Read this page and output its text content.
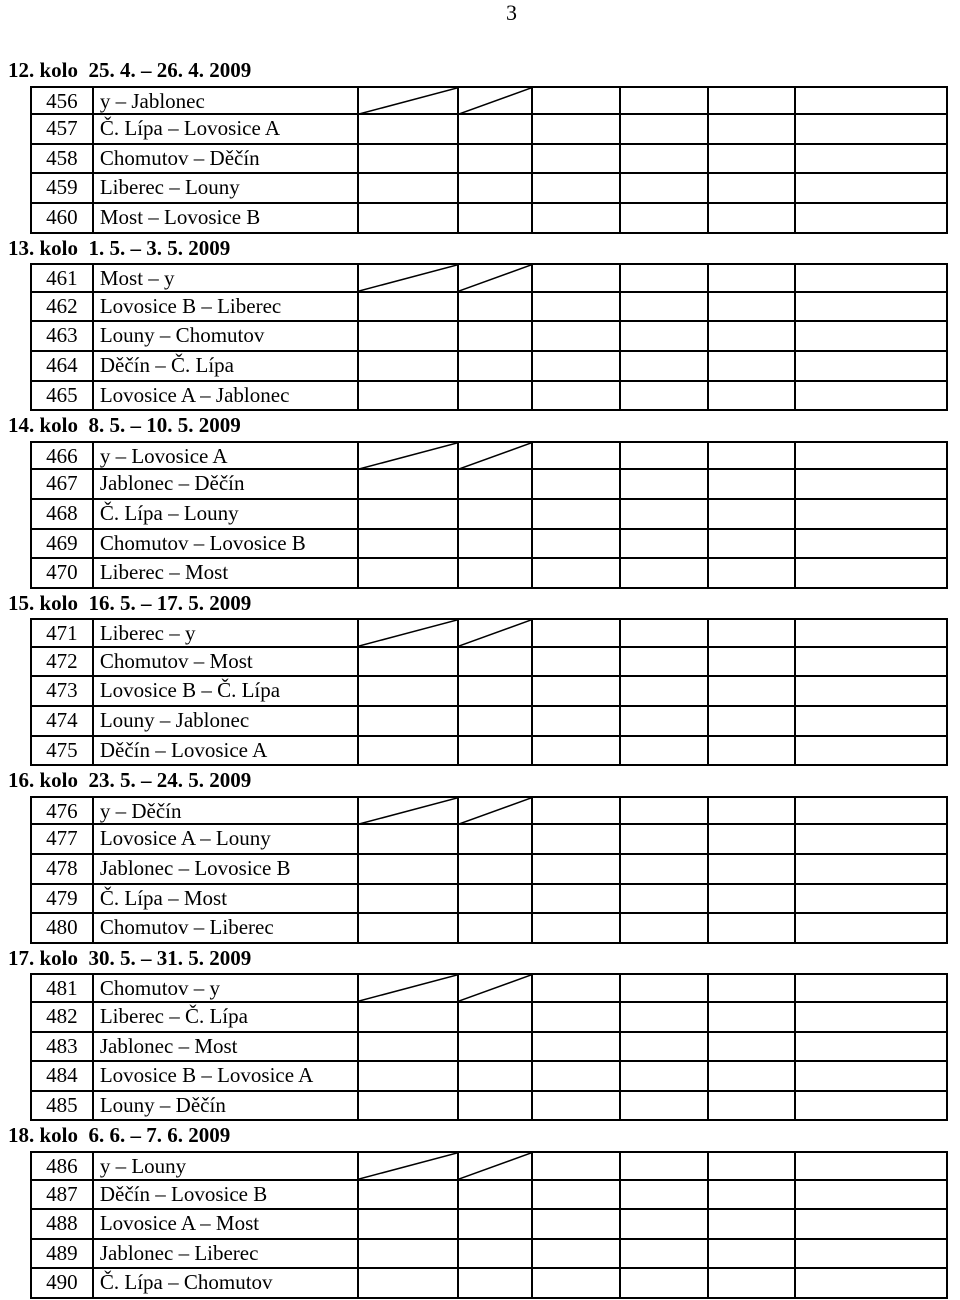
3
12. kolo  25. 4. – 26. 4. 2009
456	y – Jablonec
457	Č. Lípa – Lovosice A
458	Chomutov – Děčín
459	Liberec – Louny
460	Most – Lovosice B
13. kolo  1. 5. – 3. 5. 2009
461	Most – y
462	Lovosice B – Liberec
463	Louny – Chomutov
464	Děčín – Č. Lípa
465	Lovosice A – Jablonec
14. kolo  8. 5. – 10. 5. 2009
466	y – Lovosice A
467	Jablonec – Děčín
468	Č. Lípa – Louny
469	Chomutov – Lovosice B
470	Liberec – Most
15. kolo  16. 5. – 17. 5. 2009
471	Liberec – y
472	Chomutov – Most
473	Lovosice B – Č. Lípa
474	Louny – Jablonec
475	Děčín – Lovosice A
16. kolo  23. 5. – 24. 5. 2009
476	y – Děčín
477	Lovosice A – Louny
478	Jablonec – Lovosice B
479	Č. Lípa – Most
480	Chomutov – Liberec
17. kolo  30. 5. – 31. 5. 2009
481	Chomutov – y
482	Liberec – Č. Lípa
483	Jablonec – Most
484	Lovosice B – Lovosice A
485	Louny – Děčín
18. kolo  6. 6. – 7. 6. 2009
486	y – Louny
487	Děčín – Lovosice B
488	Lovosice A – Most
489	Jablonec – Liberec
490	Č. Lípa – Chomutov
